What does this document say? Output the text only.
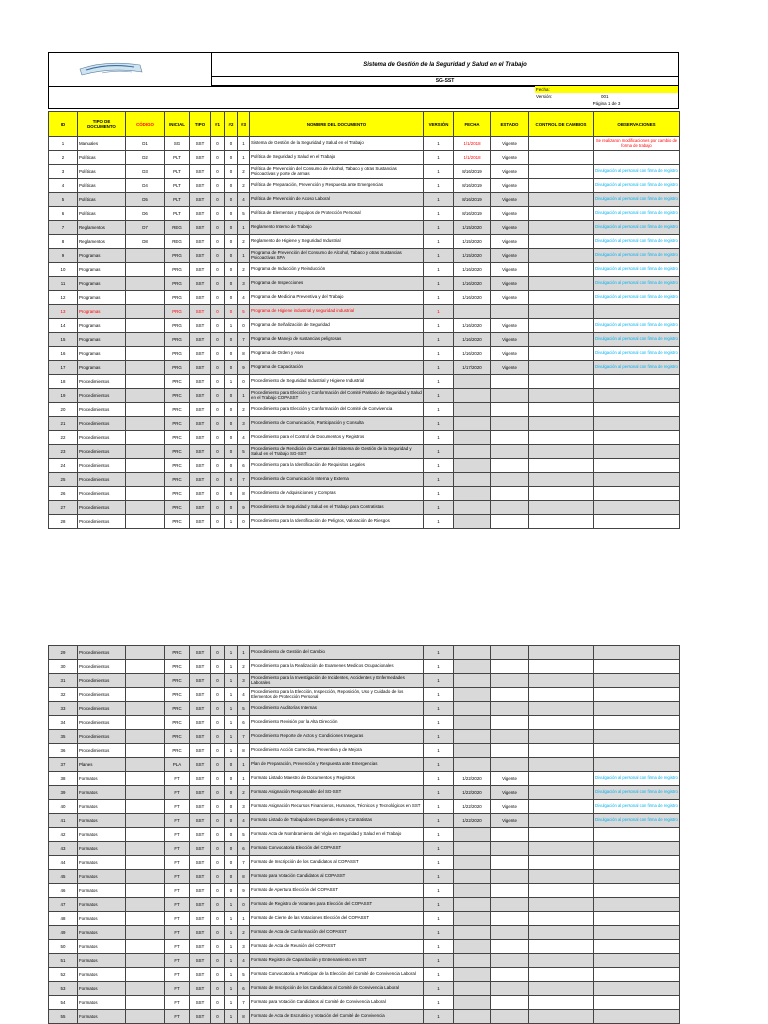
Sistema de Gestión de la Seguridad y Salud en el Trabajo
SG-SST
Fecha:
Versión:	001
Página 1 de 3
ID	TIPO DE DOCUMENTO	CÓDIGO	INICIAL	TIPO	#1	#2	#3	NOMBRE DEL DOCUMENTO	VERSIÓN	FECHA	ESTADO	CONTROL DE CAMBIOS	OBSERVACIONES
1	Manuales	D1	SG	SST	0	0	1	Sistema de Gestión de la Seguridad y Salud en el Trabajo	1	1/1/2018	Vigente		Se realizaron modificaciones por cambio de forma de trabajo
2	Políticas	D2	PLT	SST	0	0	1	Política de Seguridad y Salud en el Trabajo	1	1/1/2018	Vigente		
3	Políticas	D3	PLT	SST	0	0	2	Política de Prevención del Consumo de Alcohol, Tabaco y otras Sustancias Psicoactivas y porte de armas	1	8/16/2019	Vigente		Divulgación al personal con firma de registro
4	Políticas	D4	PLT	SST	0	0	2	Política de Preparación, Prevención y Respuesta ante Emergencias	1	8/16/2019	Vigente		Divulgación al personal con firma de registro
5	Políticas	D5	PLT	SST	0	0	4	Política de Prevención de Acoso Laboral	1	8/16/2019	Vigente		Divulgación al personal con firma de registro
6	Políticas	D6	PLT	SST	0	0	5	Política de Elementos y Equipos de Protección Personal	1	8/16/2019	Vigente		Divulgación al personal con firma de registro
7	Reglamentos	D7	REG	SST	0	0	1	Reglamento Interno de Trabajo	1	1/15/2020	Vigente		Divulgación al personal con firma de registro
8	Reglamentos	D8	REG	SST	0	0	2	Reglamento de Higiene y Seguridad Industrial	1	1/15/2020	Vigente		Divulgación al personal con firma de registro
9	Programas		PRG	SST	0	0	1	Programa de Prevención del Consumo de Alcohol, Tabaco y otras Sustancias Psicoactivas SPA	1	1/15/2020	Vigente		Divulgación al personal con firma de registro
10	Programas		PRG	SST	0	0	2	Programa de Inducción y Reinducción	1	1/16/2020	Vigente		Divulgación al personal con firma de registro
11	Programas		PRG	SST	0	0	3	Programa de Inspecciones	1	1/16/2020	Vigente		Divulgación al personal con firma de registro
12	Programas		PRG	SST	0	0	4	Programa de Medicina Preventiva y del Trabajo	1	1/16/2020	Vigente		Divulgación al personal con firma de registro
13	Programas		PRG	SST	0	0	5	Programa de Higiene industrial y seguridad industrial	1				
14	Programas		PRG	SST	0	1	0	Programa de Señalización de Seguridad	1	1/16/2020	Vigente		Divulgación al personal con firma de registro
15	Programas		PRG	SST	0	0	7	Programa de Manejo de sustancias peligrosas	1	1/16/2020	Vigente		Divulgación al personal con firma de registro
16	Programas		PRG	SST	0	0	8	Programa de Orden y Aseo	1	1/16/2020	Vigente		Divulgación al personal con firma de registro
17	Programas		PRG	SST	0	0	9	Programa de Capacitación	1	1/17/2020	Vigente		Divulgación al personal con firma de registro
18	Procedimientos		PRC	SST	0	1	0	Procedimiento de Seguridad Industrial y Higiene Industrial	1				
19	Procedimientos		PRC	SST	0	0	1	Procedimiento para Elección y Conformación del Comité Paritario de Seguridad y Salud en el Trabajo COPASST	1				
20	Procedimientos		PRC	SST	0	0	2	Procedimiento para Elección y Conformación del Comité de Convivencia	1				
21	Procedimientos		PRC	SST	0	0	3	Procedimiento de Comunicación, Participación y Consulta	1				
22	Procedimientos		PRC	SST	0	0	4	Procedimiento para el Control de Documentos y Registros	1				
23	Procedimientos		PRC	SST	0	0	5	Procedimiento de Rendición de Cuentas del Sistema de Gestión de la Seguridad y Salud en el Trabajo SG-SST	1				
24	Procedimientos		PRC	SST	0	0	6	Procedimiento para la Identificación de Requisitos Legales	1				
25	Procedimientos		PRC	SST	0	0	7	Procedimiento de Comunicación Interna y Externa	1				
26	Procedimientos		PRC	SST	0	0	8	Procedimiento de Adquisiciones y Compras	1				
27	Procedimientos		PRC	SST	0	0	9	Procedimiento de Seguridad y Salud en el Trabajo para Contratistas	1				
28	Procedimientos		PRC	SST	0	1	0	Procedimiento para la Identificación de Peligros, Valoración de Riesgos	1				
29	Procedimientos		PRC	SST	0	1	1	Procedimiento de Gestión del Cambio	1				
30	Procedimientos		PRC	SST	0	1	2	Procedimiento para la Realización de Examenes Medicos Ocupacionales	1				
31	Procedimientos		PRC	SST	0	1	3	Procedimiento para la Investigación de Incidentes, Accidentes y Enfermedades Laborales	1				
32	Procedimientos		PRC	SST	0	1	4	Procedimiento para la Elección, Inspección, Reposición, Uso y Cuidado de los Elementos de Protección Personal	1				
33	Procedimientos		PRC	SST	0	1	5	Procedimiento Auditorías Internas	1				
34	Procedimientos		PRC	SST	0	1	6	Procedimiento Revisión por la Alta Dirección	1				
35	Procedimientos		PRC	SST	0	1	7	Procedimiento Reporte de Actos y Condiciones Inseguras	1				
36	Procedimientos		PRC	SST	0	1	8	Procedimiento Acción Correctiva, Preventiva y de Mejora	1				
37	Planes		PLA	SST	0	0	1	Plan de Preparación, Prevención y Respuesta ante Emergencias	1				
38	Formatos		FT	SST	0	0	1	Formato Listado Maestro de Documentos y Registros	1	1/22/2020	Vigente		Divulgación al personal con firma de registro
39	Formatos		FT	SST	0	0	2	Formato Asignación Responsable del SG-SST	1	1/22/2020	Vigente		Divulgación al personal con firma de registro
40	Formatos		FT	SST	0	0	3	Formato Asignación Recursos Financieros, Humanos, Técnicos y Tecnológicos en SST	1	1/22/2020	Vigente		Divulgación al personal con firma de registro
41	Formatos		FT	SST	0	0	4	Formato Listado de Trabajadores Dependientes y Contratistas	1	1/22/2020	Vigente		Divulgación al personal con firma de registro
42	Formatos		FT	SST	0	0	5	Formato Acta de Nombramiento del Vigía en Seguridad y Salud en el Trabajo	1				
43	Formatos		FT	SST	0	0	6	Formato Convocatoria Elección del COPASST	1				
44	Formatos		FT	SST	0	0	7	Formato de Inscripción de los Candidatos al COPASST	1				
45	Formatos		FT	SST	0	0	8	Formato para Votación Candidatos al COPASST	1				
46	Formatos		FT	SST	0	0	9	Formato de Apertura Elección del COPASST	1				
47	Formatos		FT	SST	0	1	0	Formato de Registro de Votantes para Elección del COPASST	1				
48	Formatos		FT	SST	0	1	1	Formato de Cierre de las Votaciones Elección del COPASST	1				
49	Formatos		FT	SST	0	1	2	Formato de Acta de Conformación del COPASST	1				
50	Formatos		FT	SST	0	1	3	Formato de Acta de Reunión del COPASST	1				
51	Formatos		FT	SST	0	1	4	Formato Registro de Capacitación y Entrenamiento en SST	1				
52	Formatos		FT	SST	0	1	5	Formato Convocatoria a Participar de la Elección del Comité de Convivencia Laboral	1				
53	Formatos		FT	SST	0	1	6	Formato de Inscripción de los Candidatos al Comité de Convivencia Laboral	1				
54	Formatos		FT	SST	0	1	7	Formato para Votación Candidatos al Comité de Convivencia Laboral	1				
55	Formatos		FT	SST	0	1	8	Formato de Acta de Escrutinio y Votación del Comité de Convivencia	1				
